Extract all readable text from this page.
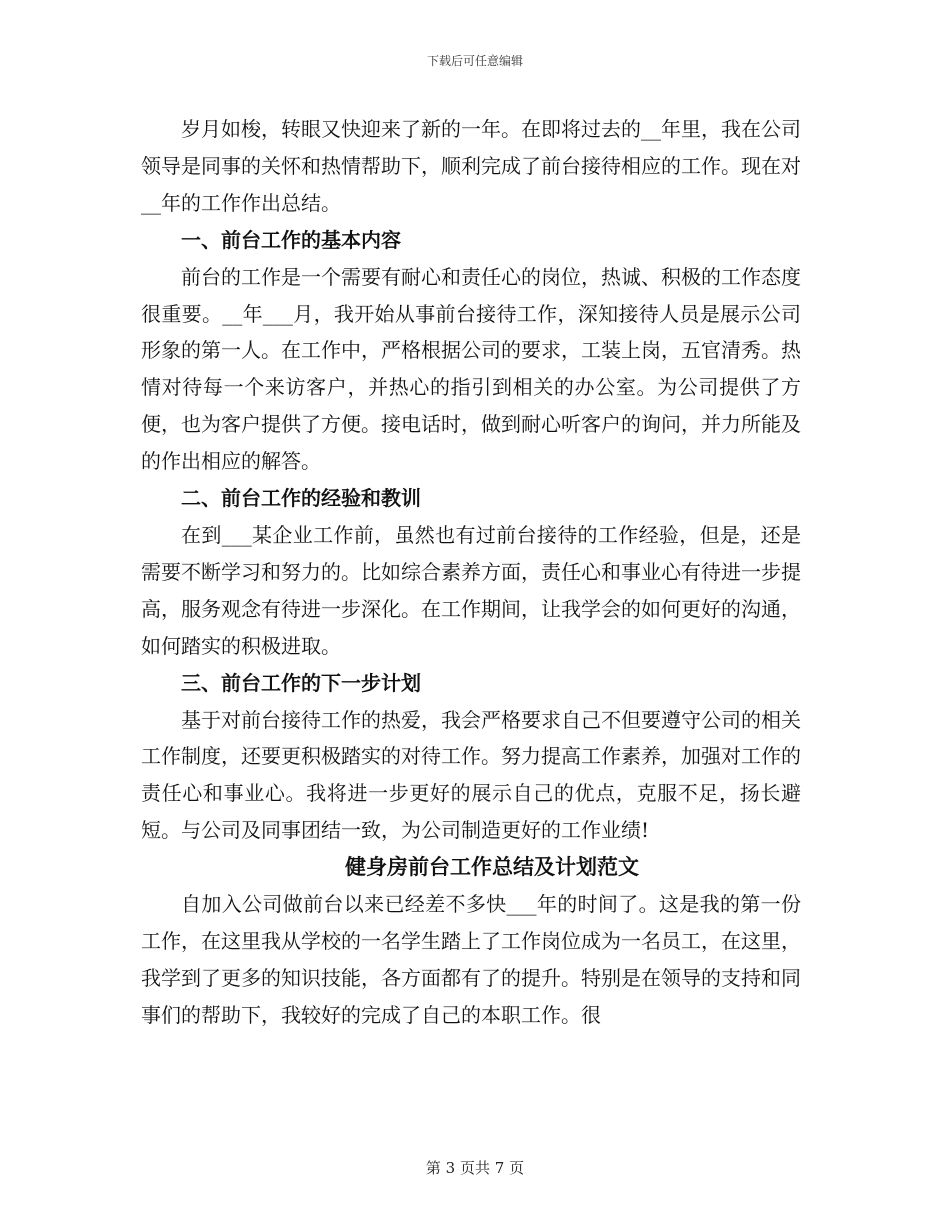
下载后可任意编辑

岁月如梭，转眼又快迎来了新的一年。在即将过去的__年里，我在公司领导是同事的关怀和热情帮助下，顺利完成了前台接待相应的工作。现在对__年的工作作出总结。

一、前台工作的基本内容

前台的工作是一个需要有耐心和责任心的岗位，热诚、积极的工作态度很重要。__年___月，我开始从事前台接待工作，深知接待人员是展示公司形象的第一人。在工作中，严格根据公司的要求，工装上岗，五官清秀。热情对待每一个来访客户，并热心的指引到相关的办公室。为公司提供了方便，也为客户提供了方便。接电话时，做到耐心听客户的询问，并力所能及的作出相应的解答。

二、前台工作的经验和教训

在到___某企业工作前，虽然也有过前台接待的工作经验，但是，还是需要不断学习和努力的。比如综合素养方面，责任心和事业心有待进一步提高，服务观念有待进一步深化。在工作期间，让我学会的如何更好的沟通，如何踏实的积极进取。

三、前台工作的下一步计划

基于对前台接待工作的热爱，我会严格要求自己不但要遵守公司的相关工作制度，还要更积极踏实的对待工作。努力提高工作素养，加强对工作的责任心和事业心。我将进一步更好的展示自己的优点，克服不足，扬长避短。与公司及同事团结一致，为公司制造更好的工作业绩!

健身房前台工作总结及计划范文

自加入公司做前台以来已经差不多快___年的时间了。这是我的第一份工作，在这里我从学校的一名学生踏上了工作岗位成为一名员工，在这里，我学到了更多的知识技能，各方面都有了的提升。特别是在领导的支持和同事们的帮助下，我较好的完成了自己的本职工作。很

第 3 页共 7 页
